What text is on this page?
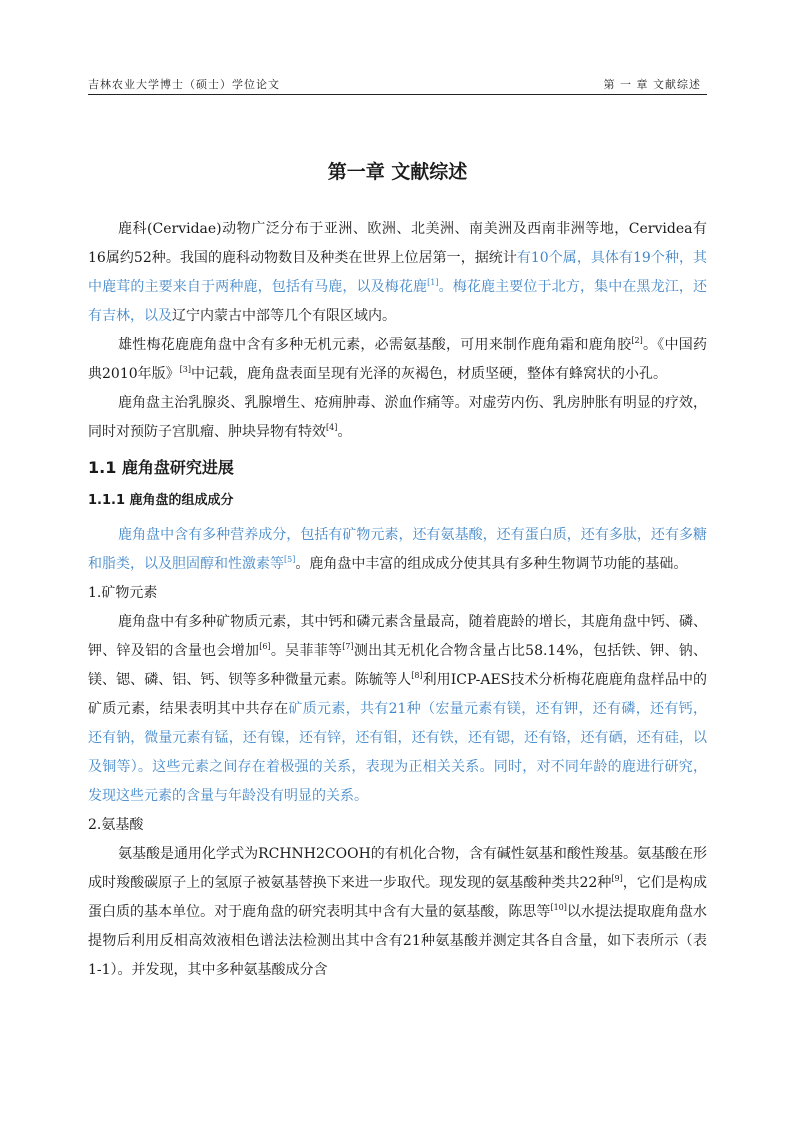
吉林农业大学博士（硕士）学位论文	第 一 章 文献综述
第一章 文献综述

鹿科(Cervidae)动物广泛分布于亚洲、欧洲、北美洲、南美洲及西南非洲等地，Cervidea有16属约52种。我国的鹿科动物数目及种类在世界上位居第一，据统计有10个属，具体有19个种，其中鹿茸的主要来自于两种鹿，包括有马鹿，以及梅花鹿[1]。梅花鹿主要位于北方，集中在黑龙江，还有吉林，以及辽宁内蒙古中部等几个有限区域内。

雄性梅花鹿鹿角盘中含有多种无机元素，必需氨基酸，可用来制作鹿角霜和鹿角胶[2]。《中国药典2010年版》[3]中记载，鹿角盘表面呈现有光泽的灰褐色，材质坚硬，整体有蜂窝状的小孔。

鹿角盘主治乳腺炎、乳腺增生、疮痈肿毒、淤血作痛等。对虚劳内伤、乳房肿胀有明显的疗效，同时对预防子宫肌瘤、肿块异物有特效[4]。

1.1 鹿角盘研究进展
1.1.1 鹿角盘的组成成分

鹿角盘中含有多种营养成分，包括有矿物元素，还有氨基酸，还有蛋白质，还有多肽，还有多糖和脂类，以及胆固醇和性激素等[5]。鹿角盘中丰富的组成成分使其具有多种生物调节功能的基础。

1.矿物元素

鹿角盘中有多种矿物质元素，其中钙和磷元素含量最高，随着鹿龄的增长，其鹿角盘中钙、磷、钾、锌及铝的含量也会增加[6]。吴菲菲等[7]测出其无机化合物含量占比58.14%，包括铁、钾、钠、镁、锶、磷、铝、钙、钡等多种微量元素。陈毓等人[8]利用ICP-AES技术分析梅花鹿鹿角盘样品中的矿质元素，结果表明其中共存在矿质元素，共有21种（宏量元素有镁，还有钾，还有磷，还有钙，还有钠，微量元素有锰，还有镍，还有锌，还有钼，还有铁，还有锶，还有铬，还有硒，还有硅，以及铜等）。这些元素之间存在着极强的关系，表现为正相关关系。同时，对不同年龄的鹿进行研究，发现这些元素的含量与年龄没有明显的关系。

2.氨基酸

氨基酸是通用化学式为RCHNH2COOH的有机化合物，含有碱性氨基和酸性羧基。氨基酸在形成时羧酸碳原子上的氢原子被氨基替换下来进一步取代。现发现的氨基酸种类共22种[9]，它们是构成蛋白质的基本单位。对于鹿角盘的研究表明其中含有大量的氨基酸，陈思等[10]以水提法提取鹿角盘水提物后利用反相高效液相色谱法法检测出其中含有21种氨基酸并测定其各自含量，如下表所示（表1-1）。并发现，其中多种氨基酸成分含
